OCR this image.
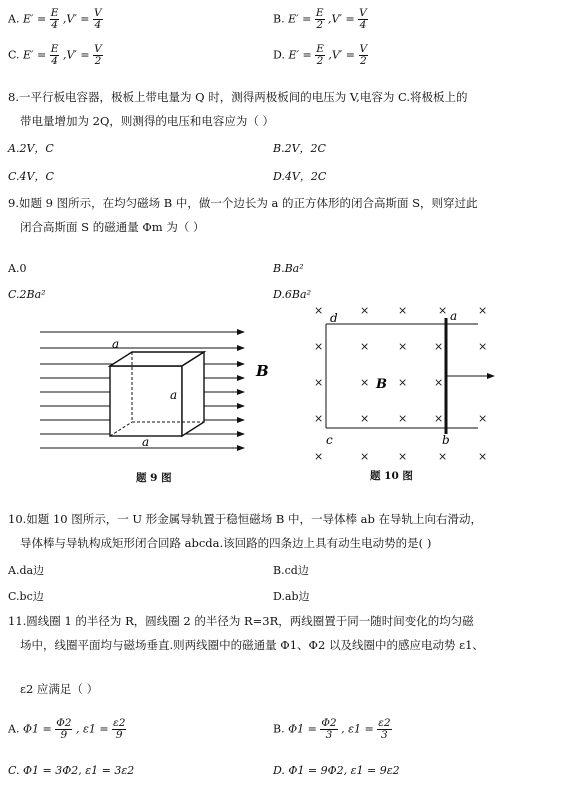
A. $E' = \frac{E}{4} ,V' = \frac{V}{4}$	B. $E' = \frac{E}{2} ,V' = \frac{V}{4}$
C. $E' = \frac{E}{4} ,V' = \frac{V}{2}$	D. $E' = \frac{E}{2} ,V' = \frac{V}{2}$
8.一平行板电容器，极板上带电量为 Q 时，测得两极板间的电压为 V,电容为 C.将极板上的
带电量增加为 2Q，则测得的电压和电容应为（ ）
A.2V，C	B.2V，2C
C.4V，C	D.4V，2C
9.如题 9 图所示，在均匀磁场 B 中，做一个边长为 a 的正方体形的闭合高斯面 S，则穿过此
闭合高斯面 S 的磁通量 Φm 为（ ）
A.0	B.Ba²
C.2Ba²	D.6Ba²
a
a
a
B
题 9 图
×	×	×	×	×
×	×	× ×	×
×	×	× ×
×	×	× ×	×
×	×	×	×	×
d	a
c	b
B
题 10 图
10.如题 10 图所示，一 U 形金属导轨置于稳恒磁场 B 中，一导体棒 ab 在导轨上向右滑动，
导体棒与导轨构成矩形闭合回路 abcda.该回路的四条边上具有动生电动势的是( )
A.da边	B.cd边
C.bc边	D.ab边
11.圆线圈 1 的半径为 R，圆线圈 2 的半径为 R=3R，两线圈置于同一随时间变化的均匀磁
场中，线圈平面均与磁场垂直.则两线圈中的磁通量 Φ1、Φ2 以及线圈中的感应电动势 ε1、
ε2 应满足（ ）
A. $\Phi 1 = \frac{\Phi 2}{9}$ , $\varepsilon 1 = \frac{\varepsilon 2}{9}$	B. $\Phi 1 = \frac{\Phi 2}{3}$ , $\varepsilon 1 = \frac{\varepsilon 2}{3}$
C. Φ1 = 3Φ2, ε1 = 3ε2	D. Φ1 = 9Φ2, ε1 = 9ε2
